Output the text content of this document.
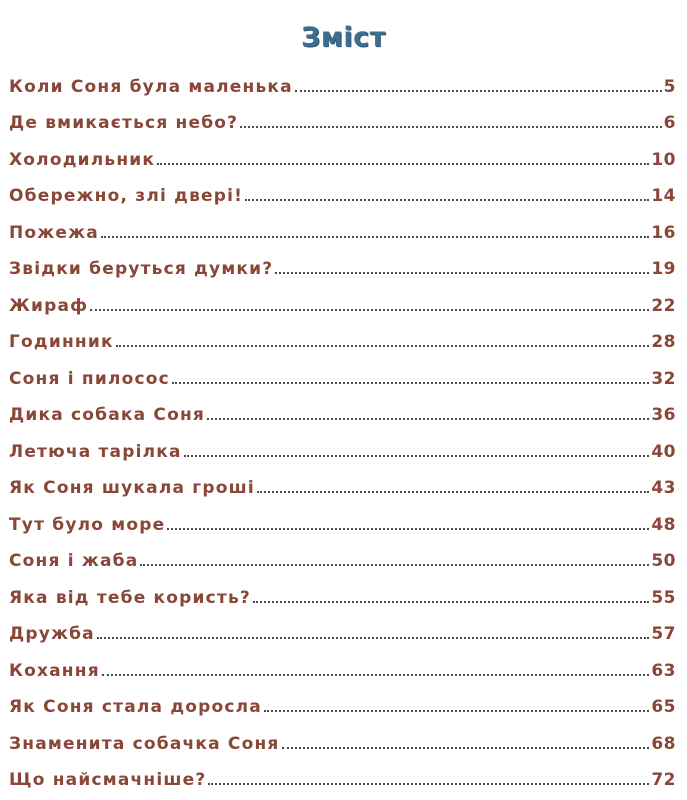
Зміст
Коли Соня була маленька	5
Де вмикається небо?	6
Холодильник	10
Обережно, злі двері!	14
Пожежа	16
Звідки беруться думки?	19
Жираф	22
Годинник	28
Соня і пилосос	32
Дика собака Соня	36
Летюча тарілка	40
Як Соня шукала гроші	43
Тут було море	48
Соня і жаба	50
Яка від тебе користь?	55
Дружба	57
Кохання	63
Як Соня стала доросла	65
Знаменита собачка Соня	68
Що найсмачніше?	72
